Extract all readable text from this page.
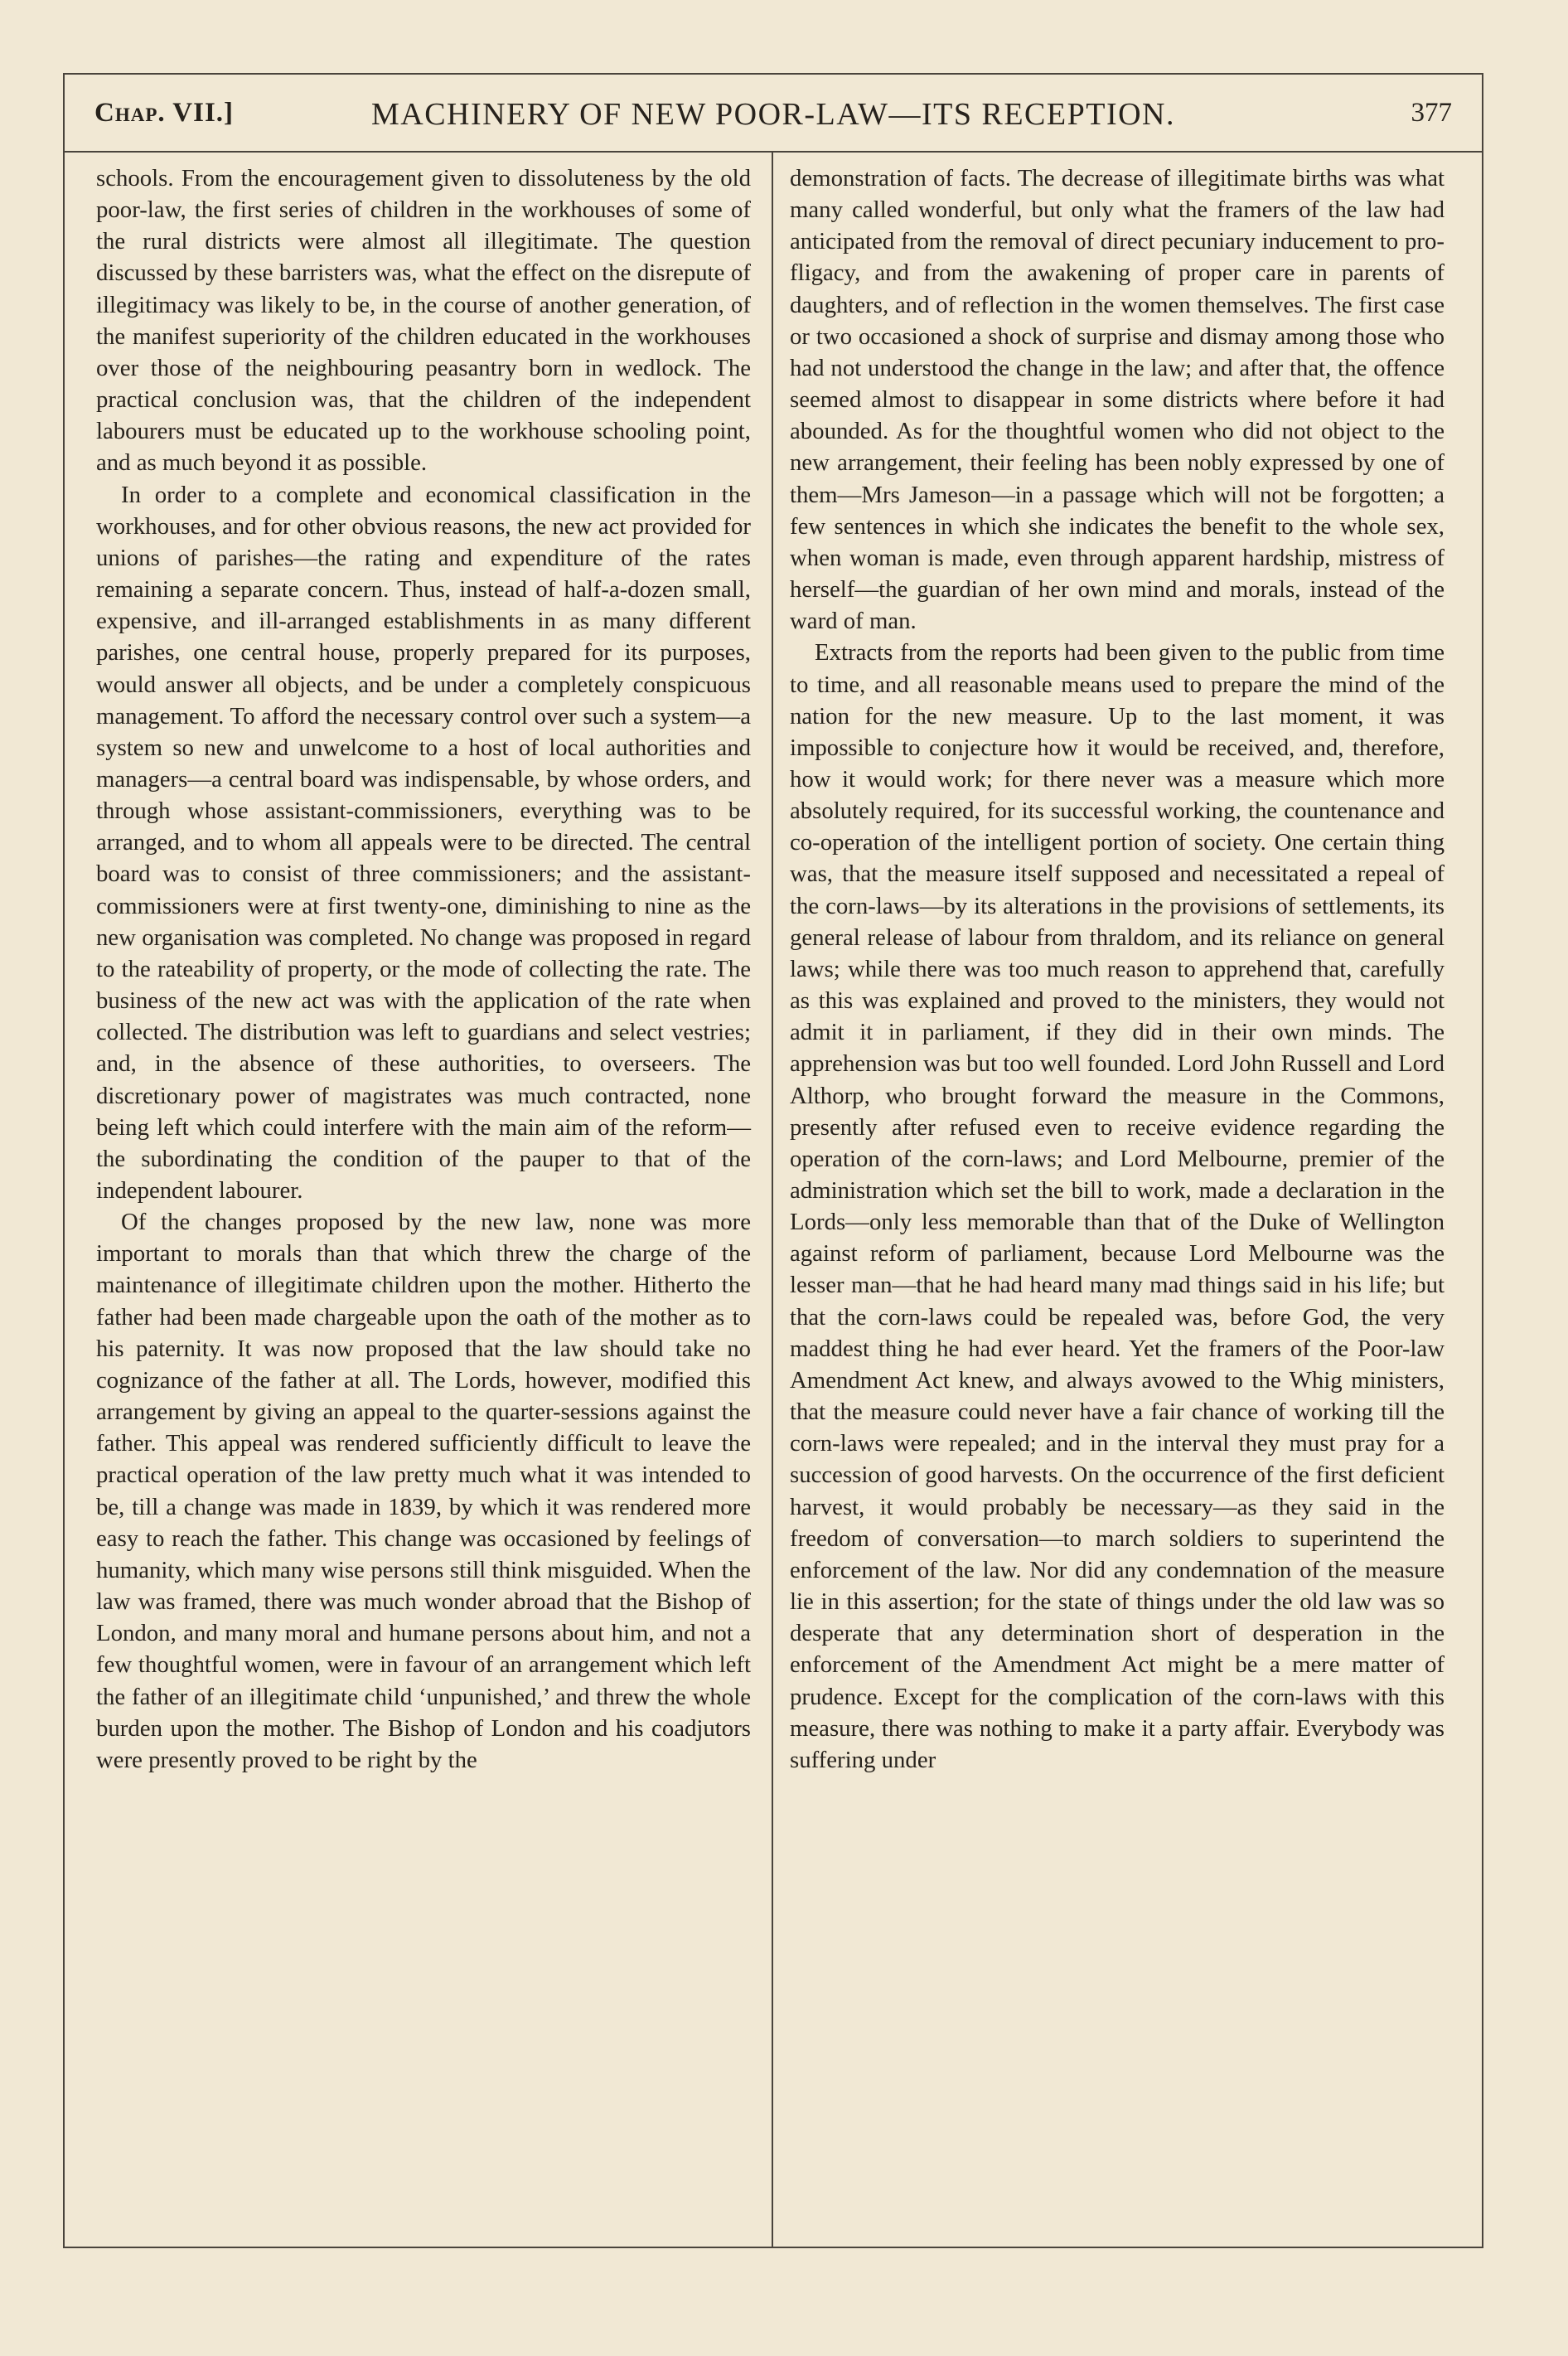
Chap. VII.]	MACHINERY OF NEW POOR-LAW—ITS RECEPTION.	377

schools. From the encouragement given to dissoluteness by the old poor-law, the first series of children in the workhouses of some of the rural districts were almost all illegitimate. The question discussed by these barristers was, what the effect on the disrepute of illegitimacy was likely to be, in the course of another generation, of the manifest superiority of the children educated in the workhouses over those of the neighbouring peasantry born in wedlock. The practical conclusion was, that the children of the independent labourers must be educated up to the workhouse schooling point, and as much beyond it as possible.

In order to a complete and economical classification in the workhouses, and for other obvious reasons, the new act provided for unions of parishes—the rating and expenditure of the rates remaining a separate concern. Thus, instead of half-a-dozen small, expensive, and ill-arranged establishments in as many different parishes, one central house, properly prepared for its purposes, would answer all objects, and be under a completely conspicuous management. To afford the necessary control over such a system—a system so new and unwelcome to a host of local authorities and managers—a central board was indispensable, by whose orders, and through whose assistant-commissioners, everything was to be arranged, and to whom all appeals were to be directed. The central board was to consist of three commissioners; and the assistant-commissioners were at first twenty-one, diminishing to nine as the new organisation was completed. No change was proposed in regard to the rateability of property, or the mode of collecting the rate. The business of the new act was with the application of the rate when collected. The distribution was left to guardians and select vestries; and, in the absence of these authorities, to overseers. The discretionary power of magistrates was much contracted, none being left which could interfere with the main aim of the reform—the subordinating the condition of the pauper to that of the independent labourer.

Of the changes proposed by the new law, none was more important to morals than that which threw the charge of the maintenance of illegitimate children upon the mother. Hitherto the father had been made chargeable upon the oath of the mother as to his paternity. It was now proposed that the law should take no cognizance of the father at all. The Lords, however, modified this arrangement by giving an appeal to the quarter-sessions against the father. This appeal was rendered sufficiently difficult to leave the practical operation of the law pretty much what it was intended to be, till a change was made in 1839, by which it was rendered more easy to reach the father. This change was occasioned by feelings of humanity, which many wise persons still think misguided. When the law was framed, there was much wonder abroad that the Bishop of London, and many moral and humane persons about him, and not a few thoughtful women, were in favour of an arrangement which left the father of an illegitimate child ‘unpunished,’ and threw the whole burden upon the mother. The Bishop of London and his coadjutors were presently proved to be right by the

demonstration of facts. The decrease of illegitimate births was what many called wonderful, but only what the framers of the law had anticipated from the removal of direct pecuniary inducement to profligacy, and from the awakening of proper care in parents of daughters, and of reflection in the women themselves. The first case or two occasioned a shock of surprise and dismay among those who had not understood the change in the law; and after that, the offence seemed almost to disappear in some districts where before it had abounded. As for the thoughtful women who did not object to the new arrangement, their feeling has been nobly expressed by one of them—Mrs Jameson—in a passage which will not be forgotten; a few sentences in which she indicates the benefit to the whole sex, when woman is made, even through apparent hardship, mistress of herself—the guardian of her own mind and morals, instead of the ward of man.

Extracts from the reports had been given to the public from time to time, and all reasonable means used to prepare the mind of the nation for the new measure. Up to the last moment, it was impossible to conjecture how it would be received, and, therefore, how it would work; for there never was a measure which more absolutely required, for its successful working, the countenance and co-operation of the intelligent portion of society. One certain thing was, that the measure itself supposed and necessitated a repeal of the corn-laws—by its alterations in the provisions of settlements, its general release of labour from thraldom, and its reliance on general laws; while there was too much reason to apprehend that, carefully as this was explained and proved to the ministers, they would not admit it in parliament, if they did in their own minds. The apprehension was but too well founded. Lord John Russell and Lord Althorp, who brought forward the measure in the Commons, presently after refused even to receive evidence regarding the operation of the corn-laws; and Lord Melbourne, premier of the administration which set the bill to work, made a declaration in the Lords—only less memorable than that of the Duke of Wellington against reform of parliament, because Lord Melbourne was the lesser man—that he had heard many mad things said in his life; but that the corn-laws could be repealed was, before God, the very maddest thing he had ever heard. Yet the framers of the Poor-law Amendment Act knew, and always avowed to the Whig ministers, that the measure could never have a fair chance of working till the corn-laws were repealed; and in the interval they must pray for a succession of good harvests. On the occurrence of the first deficient harvest, it would probably be necessary—as they said in the freedom of conversation—to march soldiers to superintend the enforcement of the law. Nor did any condemnation of the measure lie in this assertion; for the state of things under the old law was so desperate that any determination short of desperation in the enforcement of the Amendment Act might be a mere matter of prudence. Except for the complication of the corn-laws with this measure, there was nothing to make it a party affair. Everybody was suffering under
